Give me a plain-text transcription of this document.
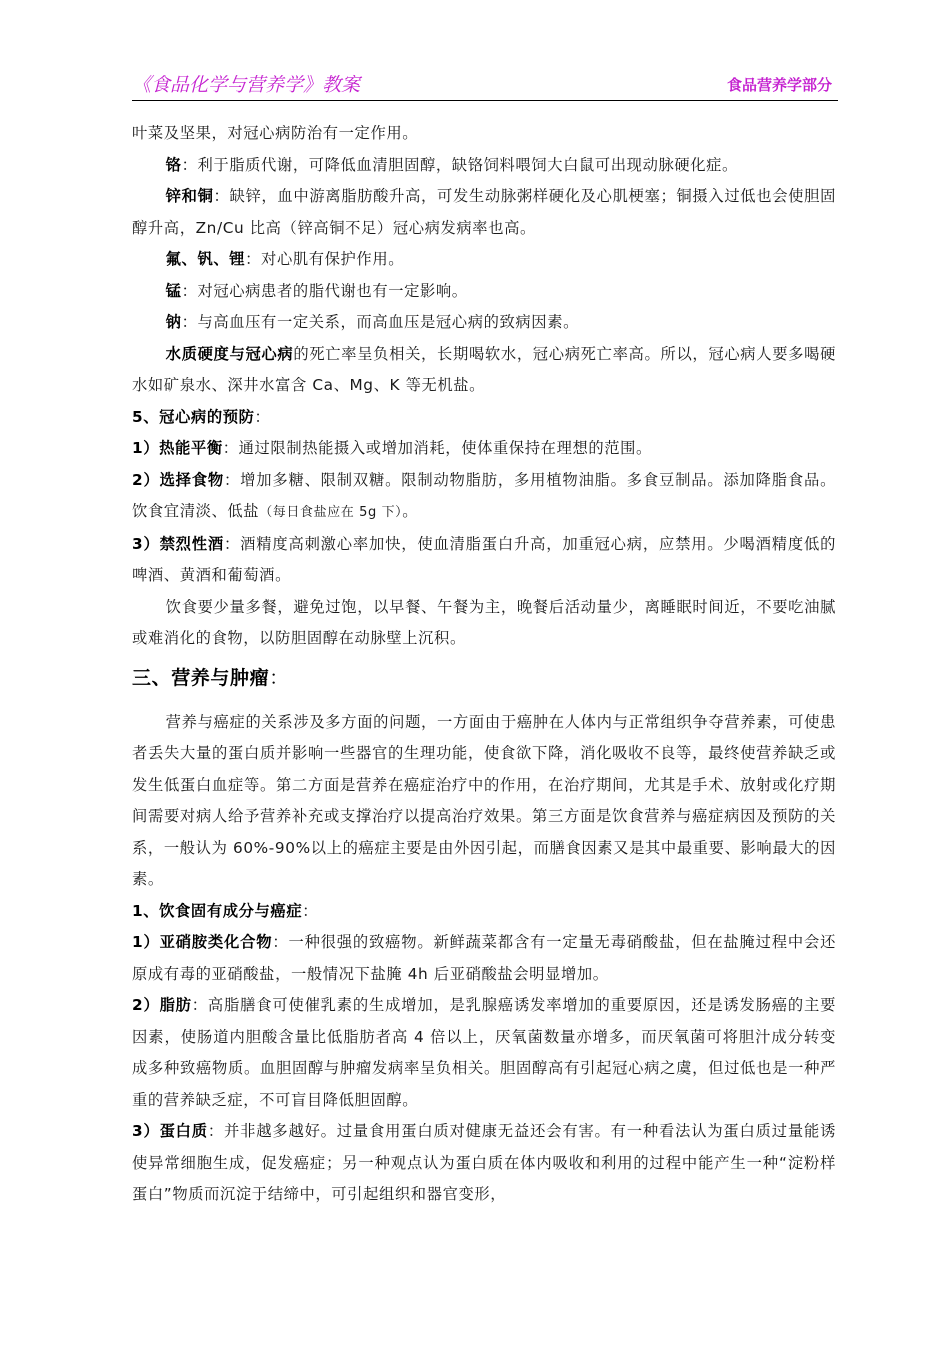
《食品化学与营养学》教案	食品营养学部分

叶菜及坚果，对冠心病防治有一定作用。

铬：利于脂质代谢，可降低血清胆固醇，缺铬饲料喂饲大白鼠可出现动脉硬化症。

锌和铜：缺锌，血中游离脂肪酸升高，可发生动脉粥样硬化及心肌梗塞；铜摄入过低也会使胆固醇升高，Zn/Cu 比高（锌高铜不足）冠心病发病率也高。

氟、钒、锂：对心肌有保护作用。

锰：对冠心病患者的脂代谢也有一定影响。

钠：与高血压有一定关系，而高血压是冠心病的致病因素。

水质硬度与冠心病的死亡率呈负相关，长期喝软水，冠心病死亡率高。所以，冠心病人要多喝硬水如矿泉水、深井水富含 Ca、Mg、K 等无机盐。

5、冠心病的预防：

1）热能平衡：通过限制热能摄入或增加消耗，使体重保持在理想的范围。

2）选择食物：增加多糖、限制双糖。限制动物脂肪，多用植物油脂。多食豆制品。添加降脂食品。饮食宜清淡、低盐（每日食盐应在 5g 下）。

3）禁烈性酒：酒精度高刺激心率加快，使血清脂蛋白升高，加重冠心病，应禁用。少喝酒精度低的啤酒、黄酒和葡萄酒。

饮食要少量多餐，避免过饱，以早餐、午餐为主，晚餐后活动量少，离睡眠时间近，不要吃油腻或难消化的食物，以防胆固醇在动脉壁上沉积。

三、营养与肿瘤：

营养与癌症的关系涉及多方面的问题，一方面由于癌肿在人体内与正常组织争夺营养素，可使患者丢失大量的蛋白质并影响一些器官的生理功能，使食欲下降，消化吸收不良等，最终使营养缺乏或发生低蛋白血症等。第二方面是营养在癌症治疗中的作用，在治疗期间，尤其是手术、放射或化疗期间需要对病人给予营养补充或支撑治疗以提高治疗效果。第三方面是饮食营养与癌症病因及预防的关系，一般认为 60%-90%以上的癌症主要是由外因引起，而膳食因素又是其中最重要、影响最大的因素。

1、饮食固有成分与癌症：

1）亚硝胺类化合物：一种很强的致癌物。新鲜蔬菜都含有一定量无毒硝酸盐，但在盐腌过程中会还原成有毒的亚硝酸盐，一般情况下盐腌 4h 后亚硝酸盐会明显增加。

2）脂肪：高脂膳食可使催乳素的生成增加，是乳腺癌诱发率增加的重要原因，还是诱发肠癌的主要因素，使肠道内胆酸含量比低脂肪者高 4 倍以上，厌氧菌数量亦增多，而厌氧菌可将胆汁成分转变成多种致癌物质。血胆固醇与肿瘤发病率呈负相关。胆固醇高有引起冠心病之虞，但过低也是一种严重的营养缺乏症，不可盲目降低胆固醇。

3）蛋白质：并非越多越好。过量食用蛋白质对健康无益还会有害。有一种看法认为蛋白质过量能诱使异常细胞生成，促发癌症；另一种观点认为蛋白质在体内吸收和利用的过程中能产生一种“淀粉样蛋白”物质而沉淀于结缔中，可引起组织和器官变形，
